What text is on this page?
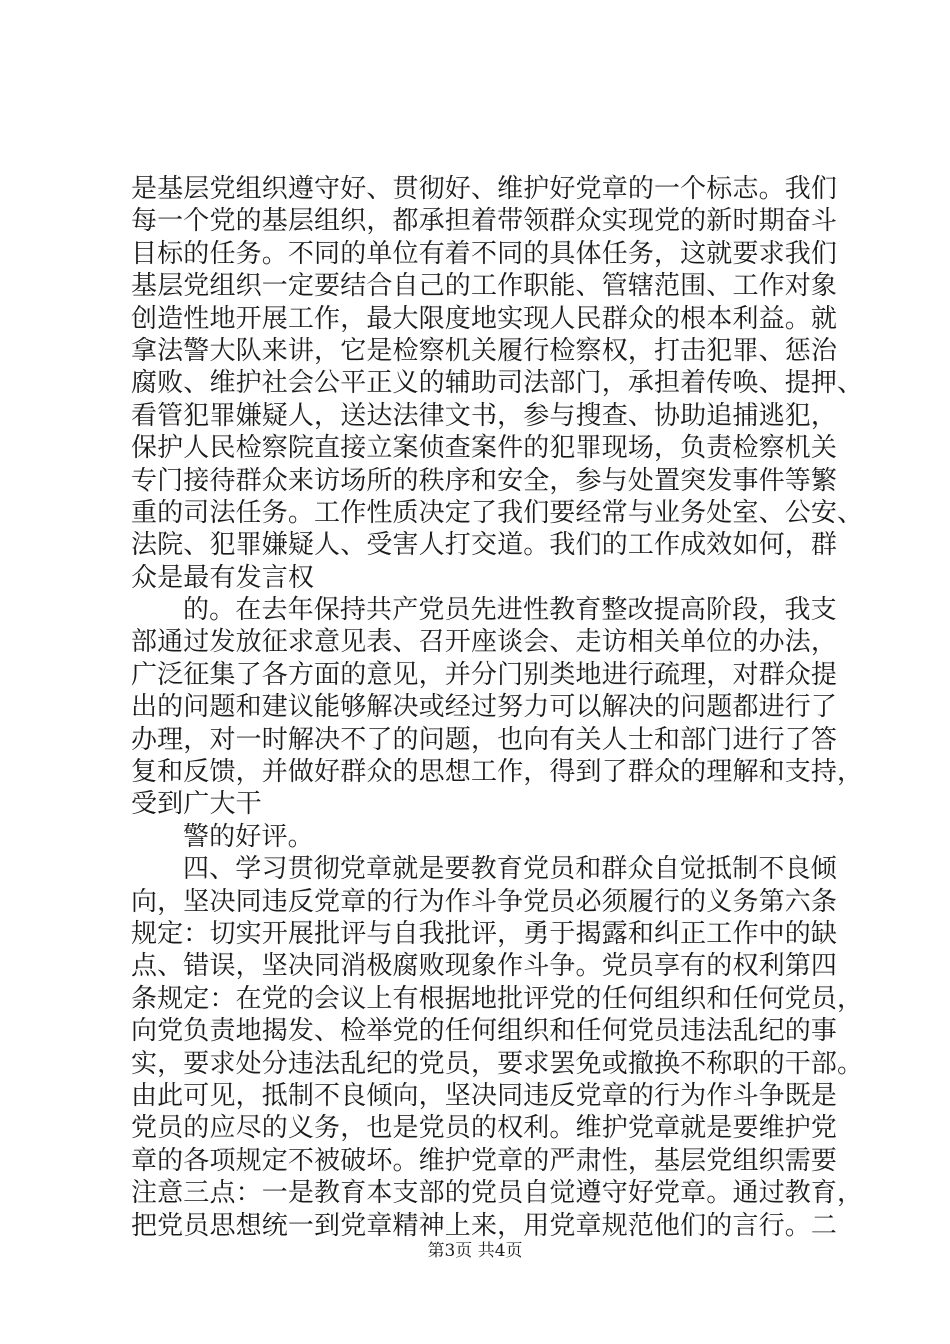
是基层党组织遵守好、贯彻好、维护好党章的一个标志。我们
每一个党的基层组织，都承担着带领群众实现党的新时期奋斗
目标的任务。不同的单位有着不同的具体任务，这就要求我们
基层党组织一定要结合自己的工作职能、管辖范围、工作对象
创造性地开展工作，最大限度地实现人民群众的根本利益。就
拿法警大队来讲，它是检察机关履行检察权，打击犯罪、惩治
腐败、维护社会公平正义的辅助司法部门，承担着传唤、提押、
看管犯罪嫌疑人，送达法律文书，参与搜查、协助追捕逃犯，
保护人民检察院直接立案侦查案件的犯罪现场，负责检察机关
专门接待群众来访场所的秩序和安全，参与处置突发事件等繁
重的司法任务。工作性质决定了我们要经常与业务处室、公安、
法院、犯罪嫌疑人、受害人打交道。我们的工作成效如何，群
众是最有发言权
的。在去年保持共产党员先进性教育整改提高阶段，我支
部通过发放征求意见表、召开座谈会、走访相关单位的办法，
广泛征集了各方面的意见，并分门别类地进行疏理，对群众提
出的问题和建议能够解决或经过努力可以解决的问题都进行了
办理，对一时解决不了的问题，也向有关人士和部门进行了答
复和反馈，并做好群众的思想工作，得到了群众的理解和支持，
受到广大干
警的好评。
四、学习贯彻党章就是要教育党员和群众自觉抵制不良倾
向，坚决同违反党章的行为作斗争党员必须履行的义务第六条
规定：切实开展批评与自我批评，勇于揭露和纠正工作中的缺
点、错误，坚决同消极腐败现象作斗争。党员享有的权利第四
条规定：在党的会议上有根据地批评党的任何组织和任何党员，
向党负责地揭发、检举党的任何组织和任何党员违法乱纪的事
实，要求处分违法乱纪的党员，要求罢免或撤换不称职的干部。
由此可见，抵制不良倾向，坚决同违反党章的行为作斗争既是
党员的应尽的义务，也是党员的权利。维护党章就是要维护党
章的各项规定不被破坏。维护党章的严肃性，基层党组织需要
注意三点：一是教育本支部的党员自觉遵守好党章。通过教育，
把党员思想统一到党章精神上来，用党章规范他们的言行。二
第3页 共4页
